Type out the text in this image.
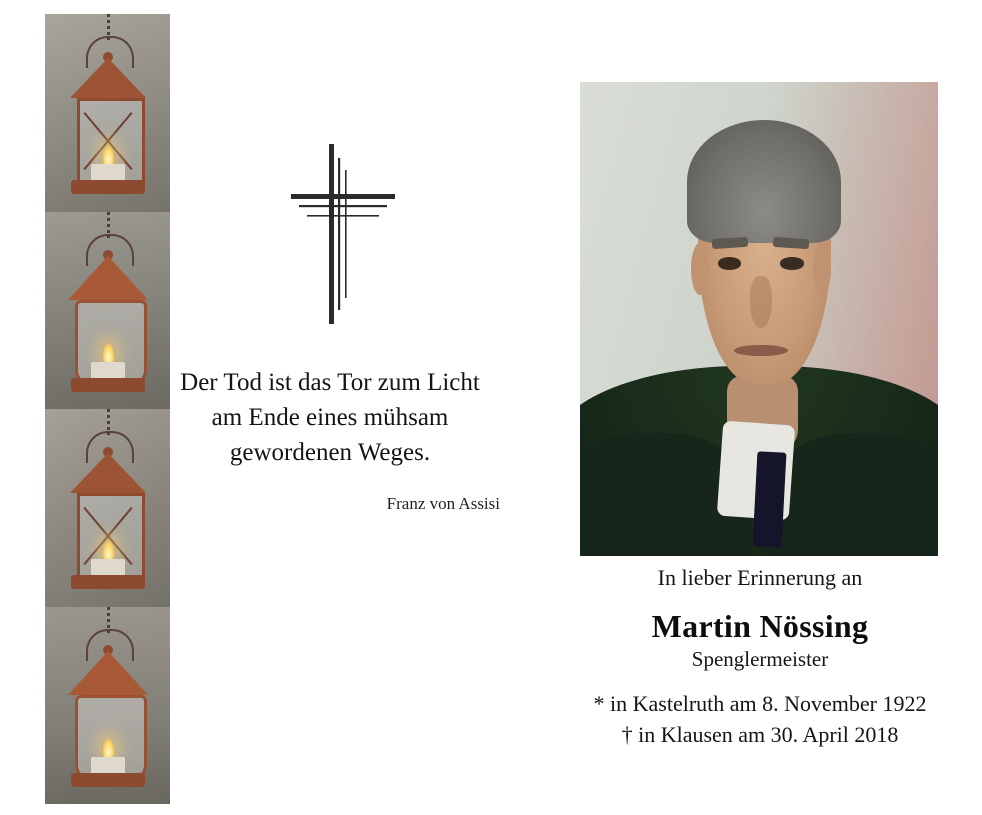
Der Tod ist das Tor zum Licht
am Ende eines mühsam
gewordenen Weges.
Franz von Assisi
In lieber Erinnerung an
Martin Nössing
Spenglermeister
* in Kastelruth am 8. November 1922
† in Klausen am 30. April 2018
